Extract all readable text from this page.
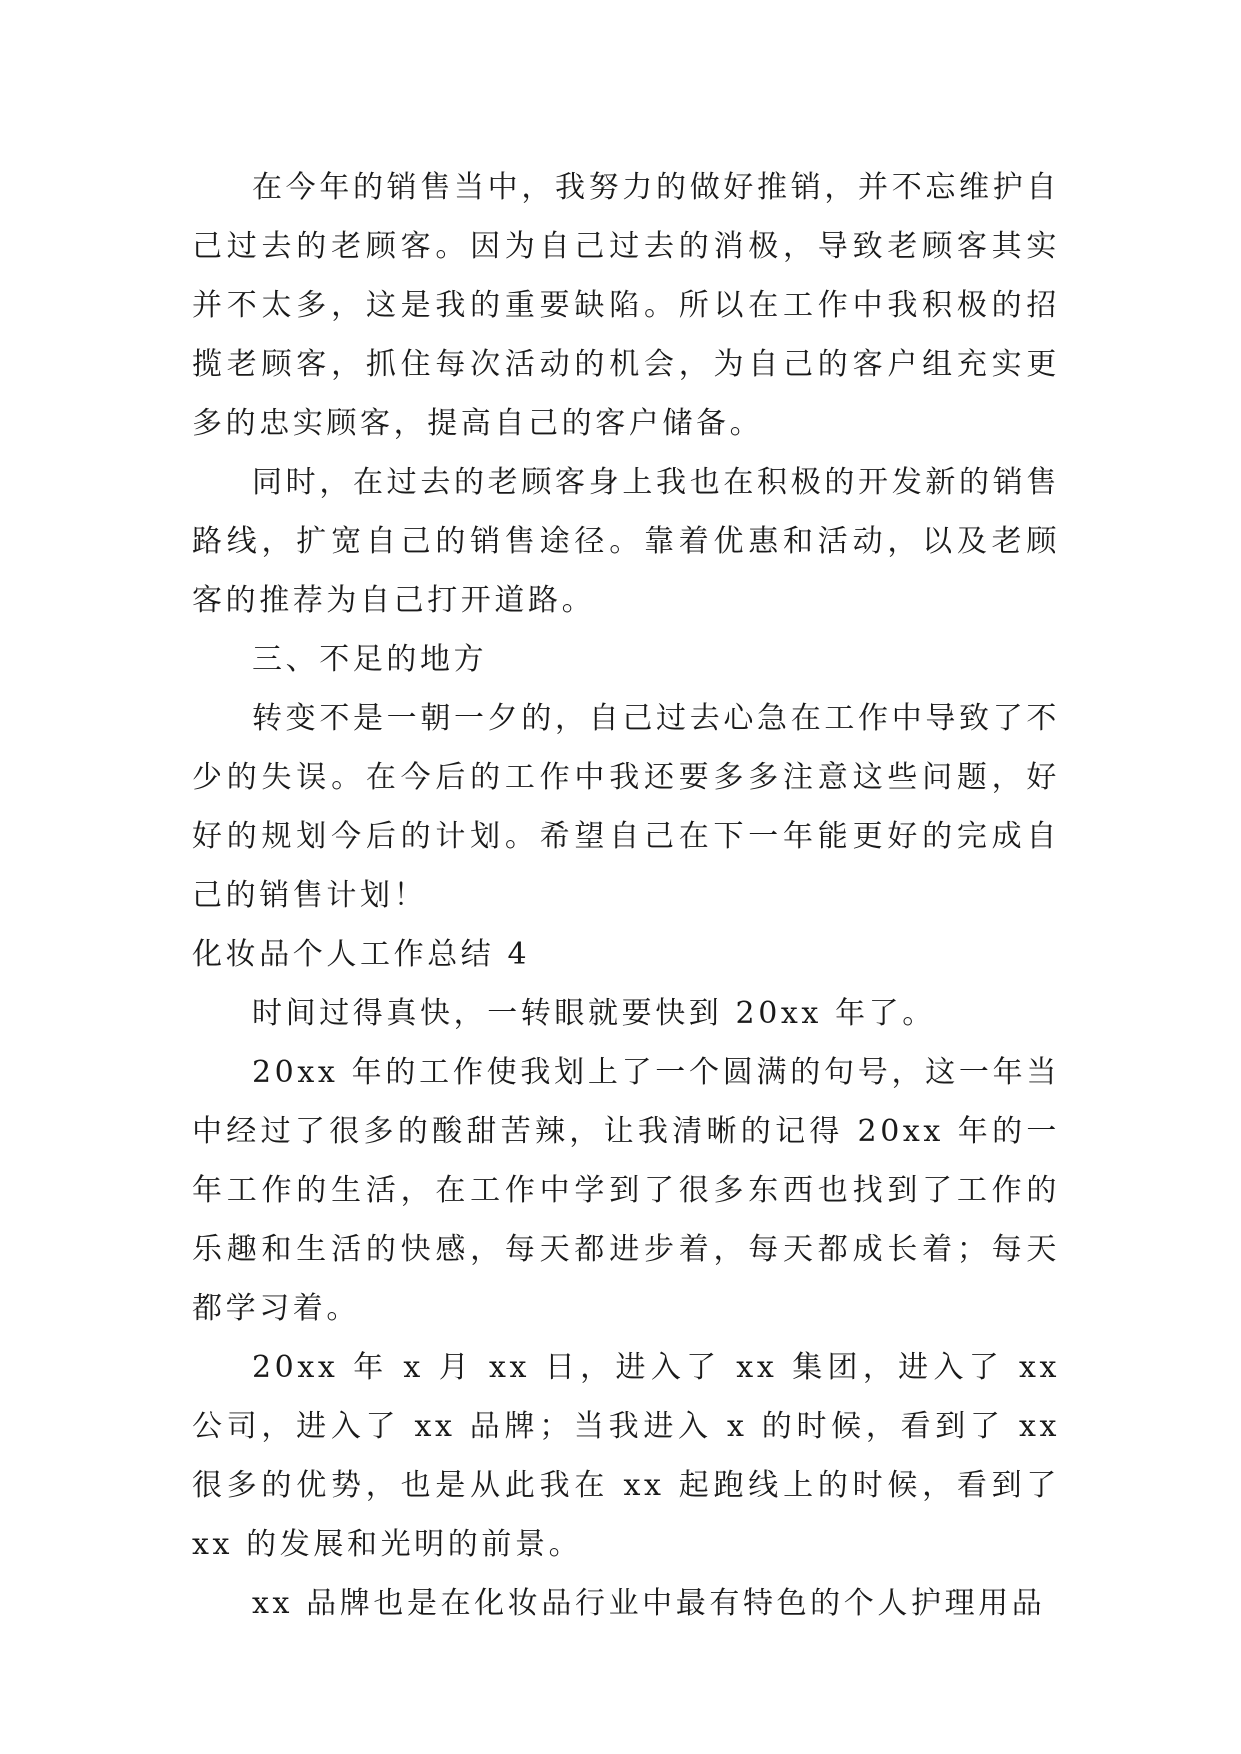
在今年的销售当中，我努力的做好推销，并不忘维护自己过去的老顾客。因为自己过去的消极，导致老顾客其实并不太多，这是我的重要缺陷。所以在工作中我积极的招揽老顾客，抓住每次活动的机会，为自己的客户组充实更多的忠实顾客，提高自己的客户储备。

同时，在过去的老顾客身上我也在积极的开发新的销售路线，扩宽自己的销售途径。靠着优惠和活动，以及老顾客的推荐为自己打开道路。

三、不足的地方

转变不是一朝一夕的，自己过去心急在工作中导致了不少的失误。在今后的工作中我还要多多注意这些问题，好好的规划今后的计划。希望自己在下一年能更好的完成自己的销售计划！

化妆品个人工作总结 4

时间过得真快，一转眼就要快到 20xx 年了。

20xx 年的工作使我划上了一个圆满的句号，这一年当中经过了很多的酸甜苦辣，让我清晰的记得 20xx 年的一年工作的生活，在工作中学到了很多东西也找到了工作的乐趣和生活的快感，每天都进步着，每天都成长着；每天都学习着。

20xx 年 x 月 xx 日，进入了 xx 集团，进入了 xx 公司，进入了 xx 品牌；当我进入 x 的时候，看到了 xx 很多的优势，也是从此我在 xx 起跑线上的时候，看到了 xx 的发展和光明的前景。

xx 品牌也是在化妆品行业中最有特色的个人护理用品
